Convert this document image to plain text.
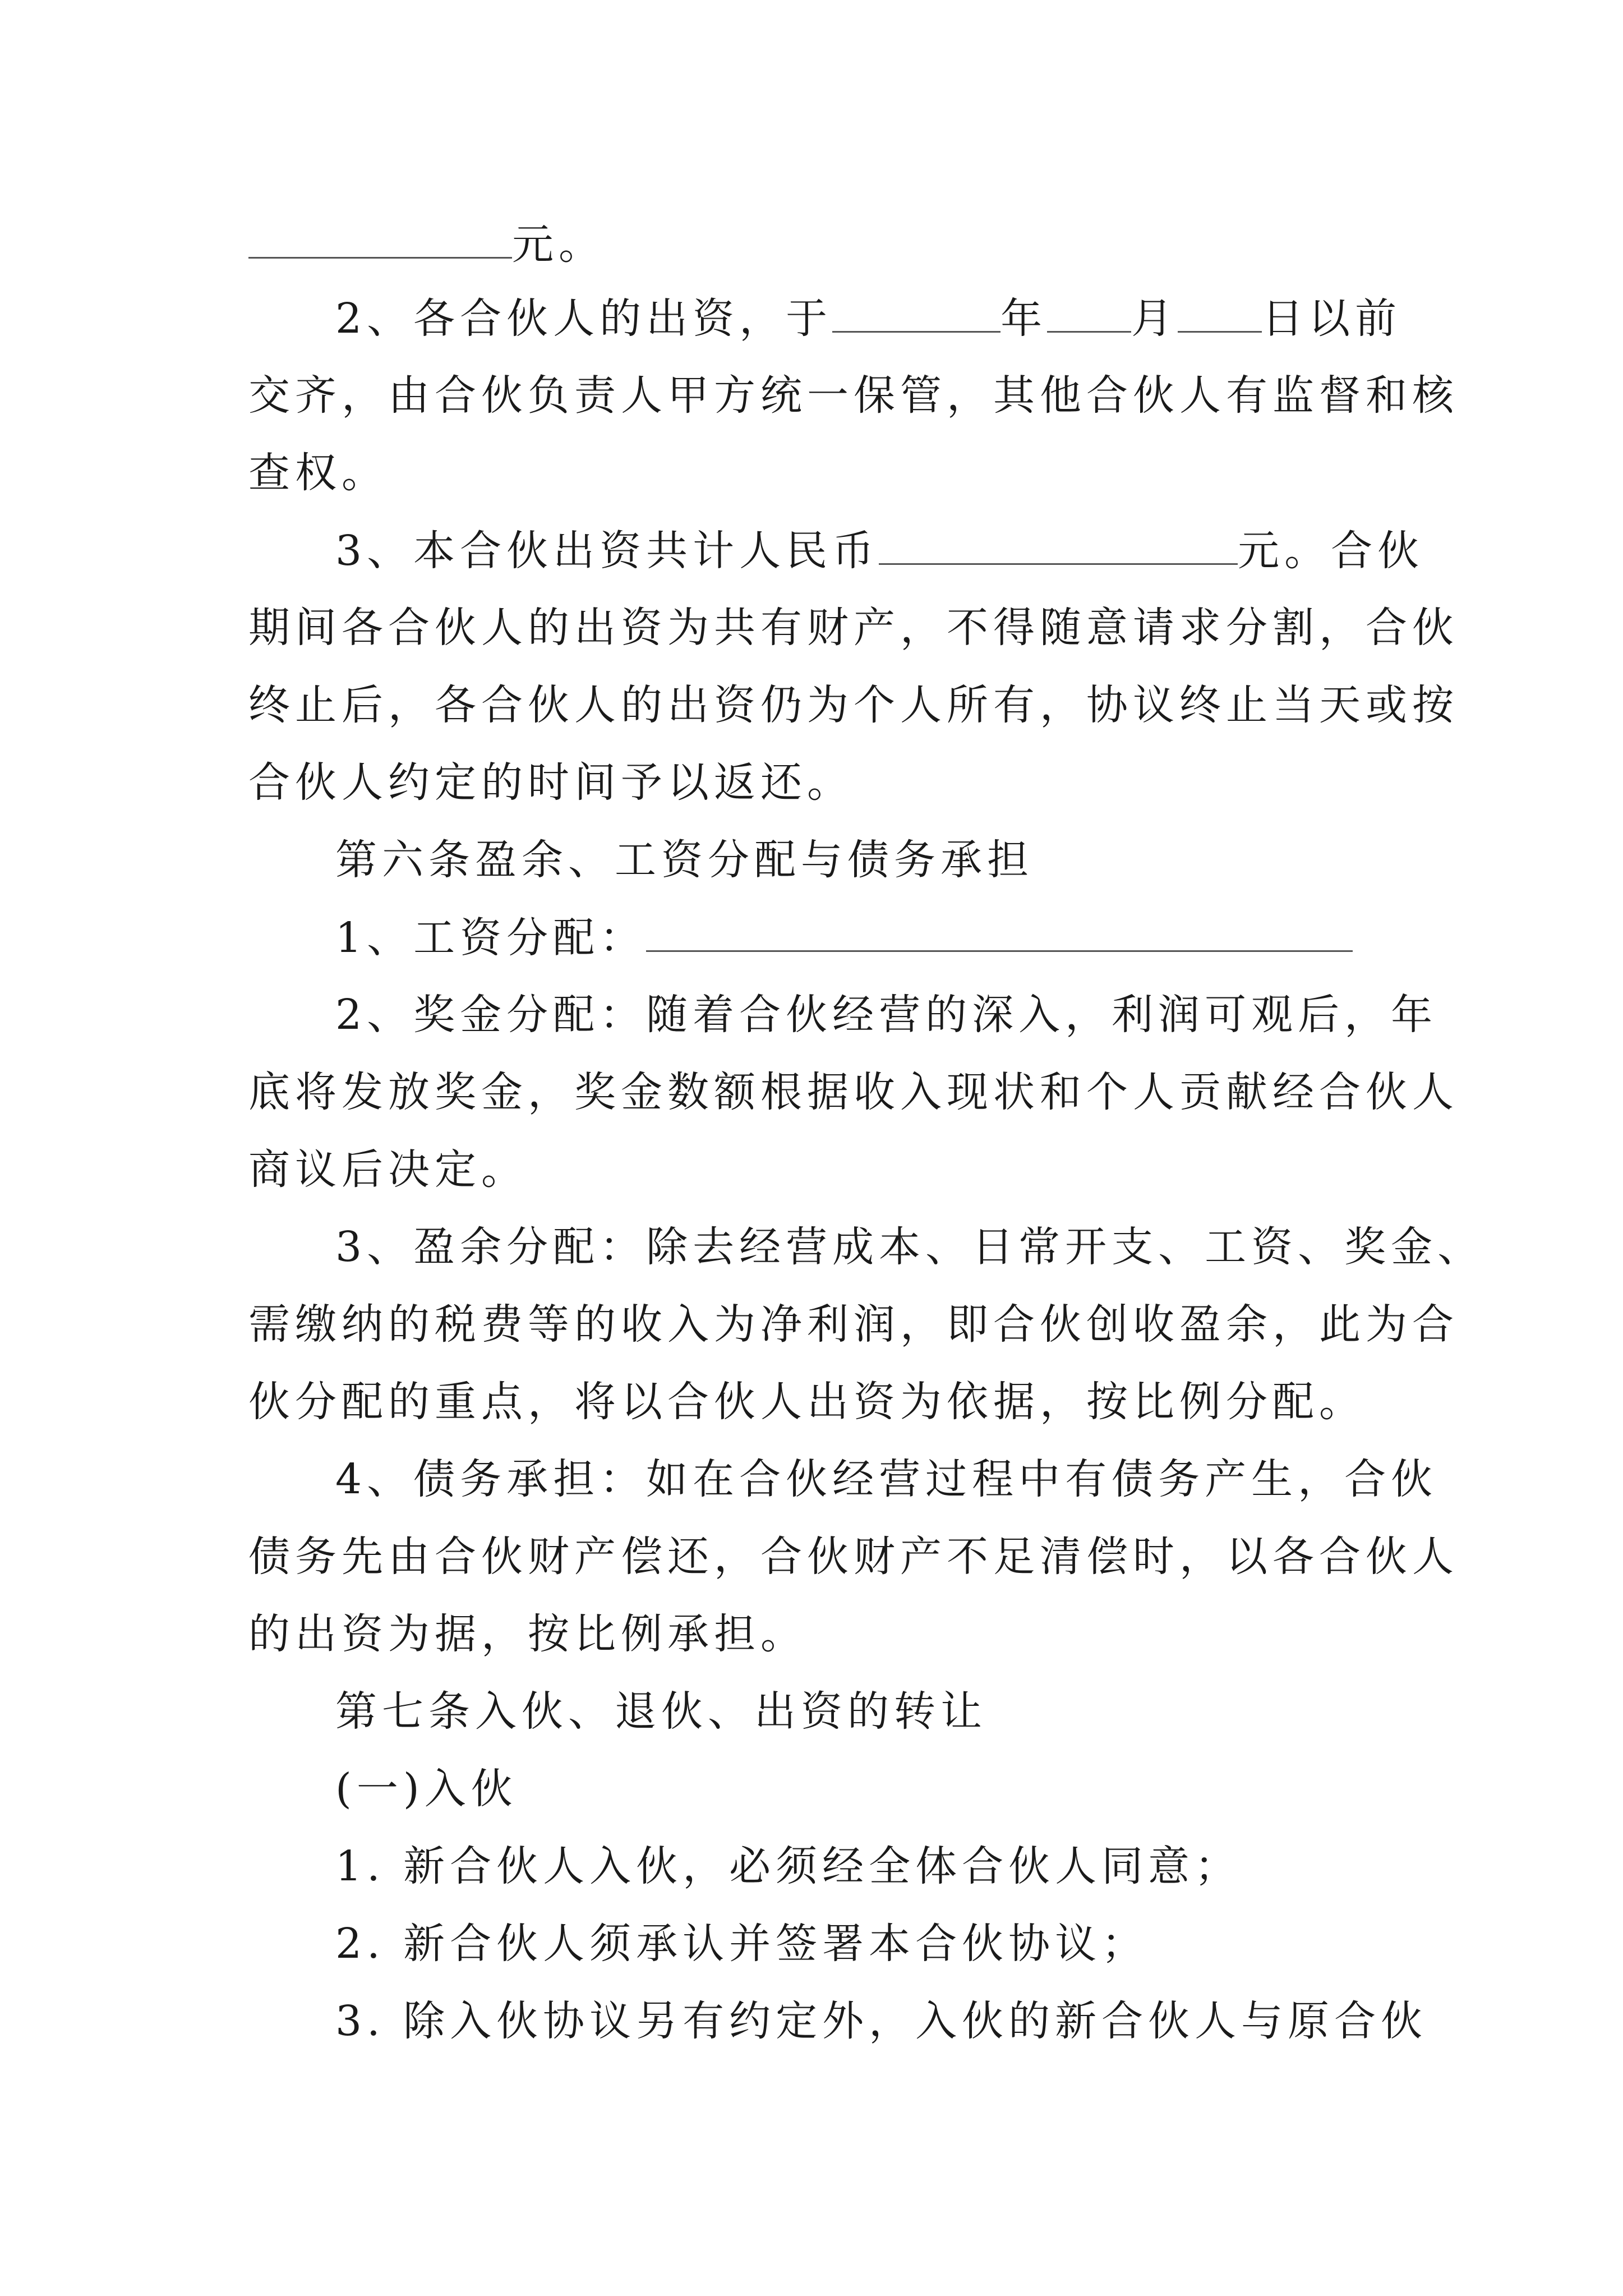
元。
2、各合伙人的出资，于	年 月 日以前
交齐，由合伙负责人甲方统一保管，其他合伙人有监督和核
查权。
3、本合伙出资共计人民币	元。合伙
期间各合伙人的出资为共有财产，不得随意请求分割，合伙
终止后，各合伙人的出资仍为个人所有，协议终止当天或按
合伙人约定的时间予以返还。
第六条盈余、工资分配与债务承担
1、工资分配：
2、奖金分配：随着合伙经营的深入，利润可观后，年
底将发放奖金，奖金数额根据收入现状和个人贡献经合伙人
商议后决定。
3、盈余分配：除去经营成本、日常开支、工资、奖金、
需缴纳的税费等的收入为净利润，即合伙创收盈余，此为合
伙分配的重点，将以合伙人出资为依据，按比例分配。
4、债务承担：如在合伙经营过程中有债务产生，合伙
债务先由合伙财产偿还，合伙财产不足清偿时，以各合伙人
的出资为据，按比例承担。
第七条入伙、退伙、出资的转让
(一)入伙
1. 新合伙人入伙，必须经全体合伙人同意；
2. 新合伙人须承认并签署本合伙协议；
3. 除入伙协议另有约定外，入伙的新合伙人与原合伙
